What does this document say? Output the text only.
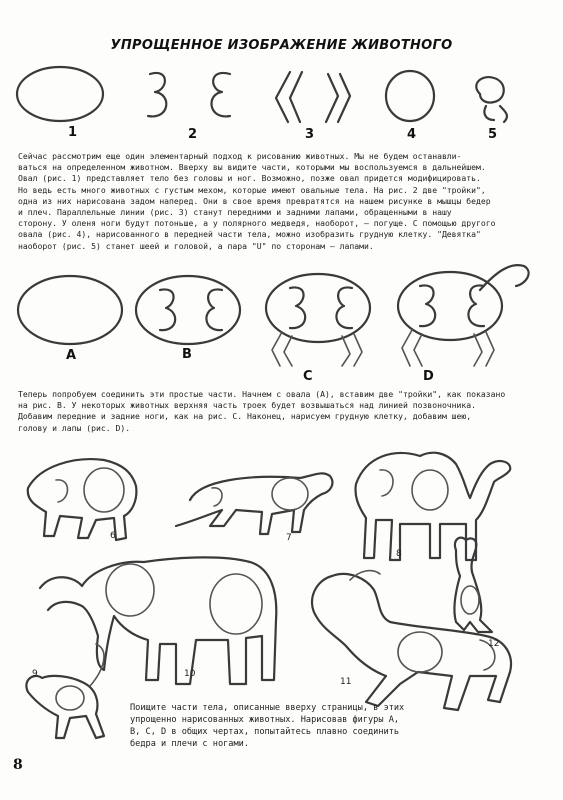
УПРОЩЕННОЕ ИЗОБРАЖЕНИЕ ЖИВОТНОГО
1	2	3	4	5

Сейчас рассмотрим еще один элементарный подход к рисованию животных. Мы не будем останавли-
ваться на определенном животном. Вверху вы видите части, которыми мы воспользуемся в дальнейшем.
Овал (рис. 1) представляет тело без головы и ног. Возможно, позже овал придется модифицировать.
Но ведь есть много животных с густым мехом, которые имеют овальные тела. На рис. 2 две "тройки",
одна из них нарисована задом наперед. Они в свое время превратятся на нашем рисунке в мышцы бедер
и плеч. Параллельные линии (рис. 3) станут передними и задними лапами, обращенными в нашу
сторону. У оленя ноги будут потоньше, а у полярного медведя, наоборот, — погуще. С помощью другого
овала (рис. 4), нарисованного в передней части тела, можно изобразить грудную клетку. "Девятка"
наоборот (рис. 5) станет шеей и головой, а пара "U" по сторонам — лапами.

A	B
C	D

Теперь попробуем соединить эти простые части. Начнем с овала (А), вставим две "тройки", как показано
на рис. В. У некоторых животных верхняя часть троек будет возвышаться над линией позвоночника.
Добавим передние и задние ноги, как на рис. С. Наконец, нарисуем грудную клетку, добавим шею,
голову и лапы (рис. D).

6	7
8
10
9
11
12

Поищите части тела, описанные вверху страницы, в этих
упрощенно нарисованных животных. Нарисовав фигуры А,
В, С, D в общих чертах, попытайтесь плавно соединить
бедра и плечи с ногами.

8
